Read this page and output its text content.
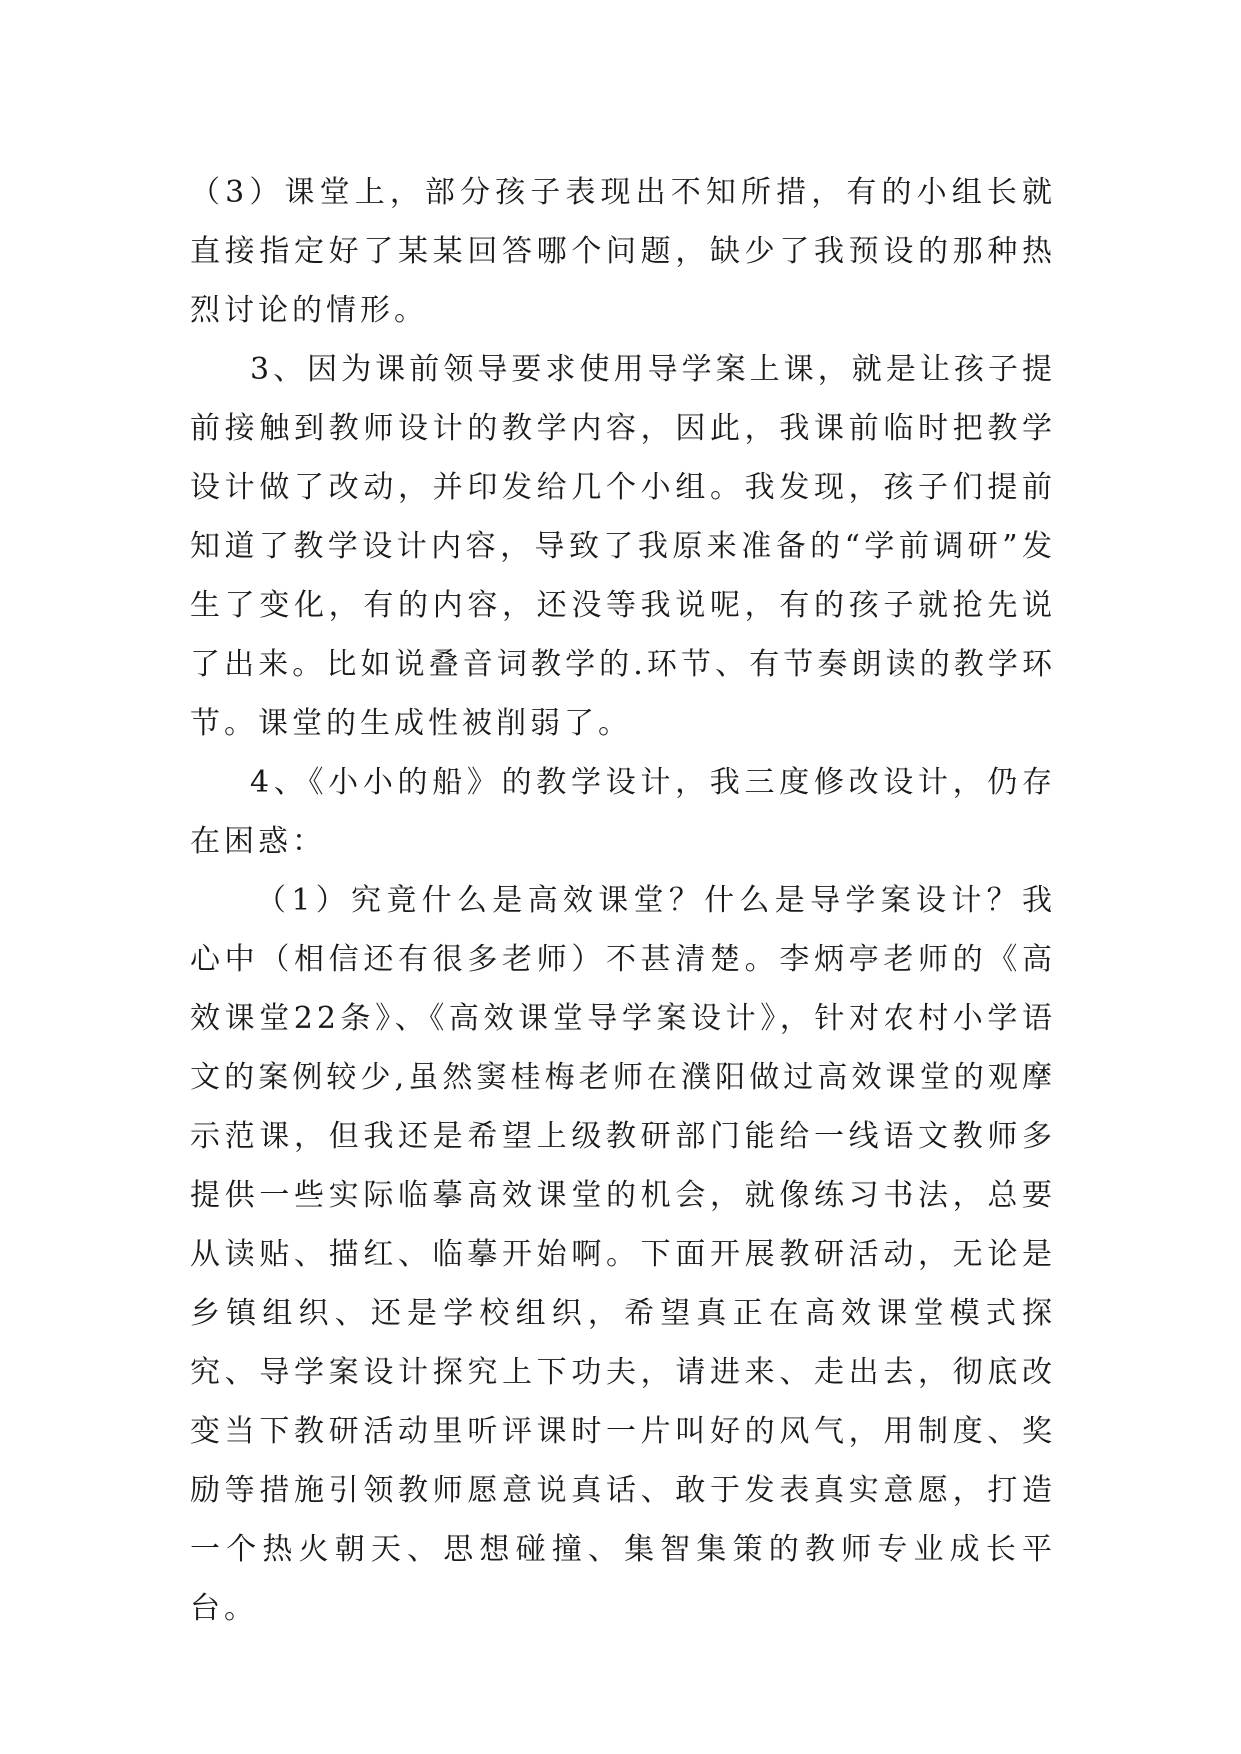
（3）课堂上，部分孩子表现出不知所措，有的小组长就直接指定好了某某回答哪个问题，缺少了我预设的那种热烈讨论的情形。

3、因为课前领导要求使用导学案上课，就是让孩子提前接触到教师设计的教学内容，因此，我课前临时把教学设计做了改动，并印发给几个小组。我发现，孩子们提前知道了教学设计内容，导致了我原来准备的“学前调研”发生了变化，有的内容，还没等我说呢，有的孩子就抢先说了出来。比如说叠音词教学的.环节、有节奏朗读的教学环节。课堂的生成性被削弱了。

4、《小小的船》的教学设计，我三度修改设计，仍存在困惑：

（1）究竟什么是高效课堂？什么是导学案设计？我心中（相信还有很多老师）不甚清楚。李炳亭老师的《高效课堂22条》、《高效课堂导学案设计》，针对农村小学语文的案例较少,虽然窦桂梅老师在濮阳做过高效课堂的观摩示范课，但我还是希望上级教研部门能给一线语文教师多提供一些实际临摹高效课堂的机会，就像练习书法，总要从读贴、描红、临摹开始啊。下面开展教研活动，无论是乡镇组织、还是学校组织，希望真正在高效课堂模式探究、导学案设计探究上下功夫，请进来、走出去，彻底改变当下教研活动里听评课时一片叫好的风气，用制度、奖励等措施引领教师愿意说真话、敢于发表真实意愿，打造一个热火朝天、思想碰撞、集智集策的教师专业成长平台。
